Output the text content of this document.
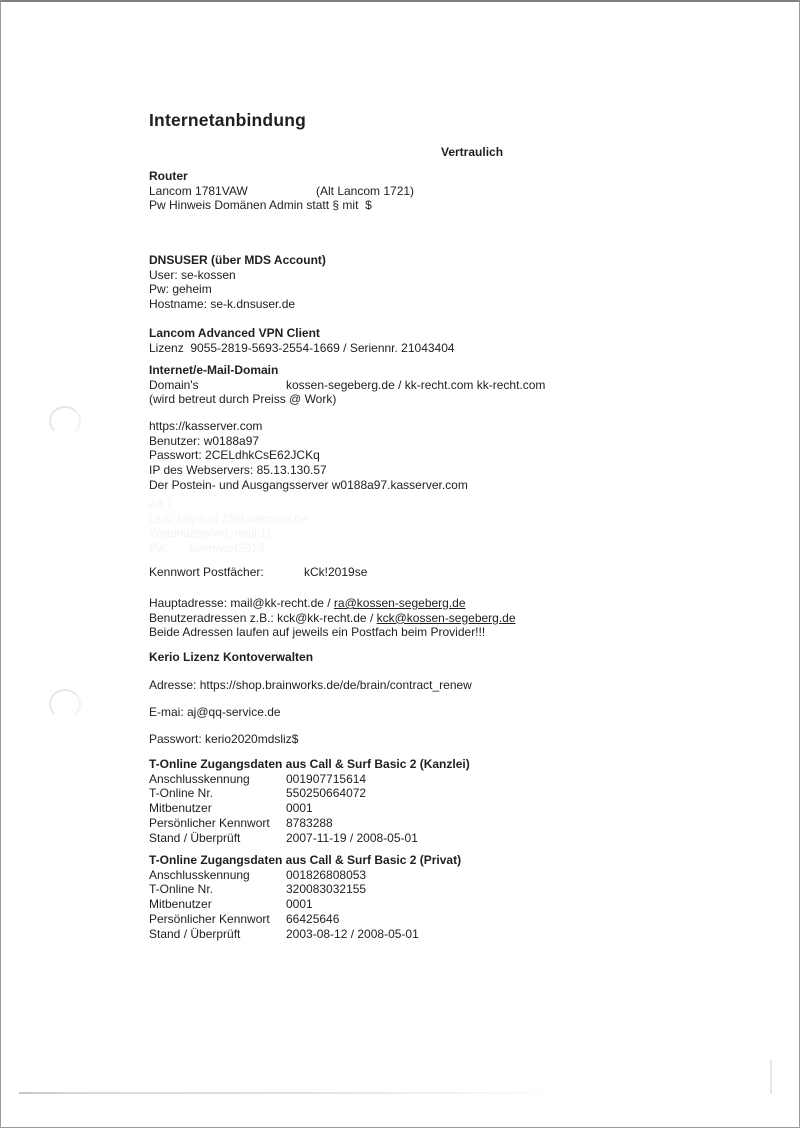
Internetanbindung
Vertraulich
Router
Lancom 1781VAW	(Alt Lancom 1721)
Pw Hinweis Domänen Admin statt § mit  $
DNSUSER (über MDS Account)
User: se-kossen
Pw: geheim
Hostname: se-k.dnsuser.de
Lancom Advanced VPN Client
Lizenz  9055-2819-5693-2554-1669 / Seriennr. 21043404
Internet/e-Mail-Domain
Domain's	kossen-segeberg.de / kk-recht.com kk-recht.com
(wird betreut durch Preiss @ Work)
https://kasserver.com
Benutzer: w0188a97
Passwort: 2CELdhkCsE62JCKq
IP des Webservers: 85.13.130.57
Der Postein- und Ausgangsserver w0188a97.kasserver.com
Alt 7
Link: https://1736f.webmail.de
Webmailserver, mail 1f
Pw:      kennwort2019
Kennwort Postfächer:	kCk!2019se
Hauptadresse: mail@kk-recht.de / ra@kossen-segeberg.de
Benutzeradressen z.B.: kck@kk-recht.de / kck@kossen-segeberg.de
Beide Adressen laufen auf jeweils ein Postfach beim Provider!!!
Kerio Lizenz Kontoverwalten
Adresse: https://shop.brainworks.de/de/brain/contract_renew
E-mai: aj@qq-service.de
Passwort: kerio2020mdsliz$
T-Online Zugangsdaten aus Call & Surf Basic 2 (Kanzlei)
Anschlusskennung	001907715614
T-Online Nr.	550250664072
Mitbenutzer	0001
Persönlicher Kennwort	8783288
Stand / Überprüft	2007-11-19 / 2008-05-01
T-Online Zugangsdaten aus Call & Surf Basic 2 (Privat)
Anschlusskennung	001826808053
T-Online Nr.	320083032155
Mitbenutzer	0001
Persönlicher Kennwort	66425646
Stand / Überprüft	2003-08-12 / 2008-05-01
